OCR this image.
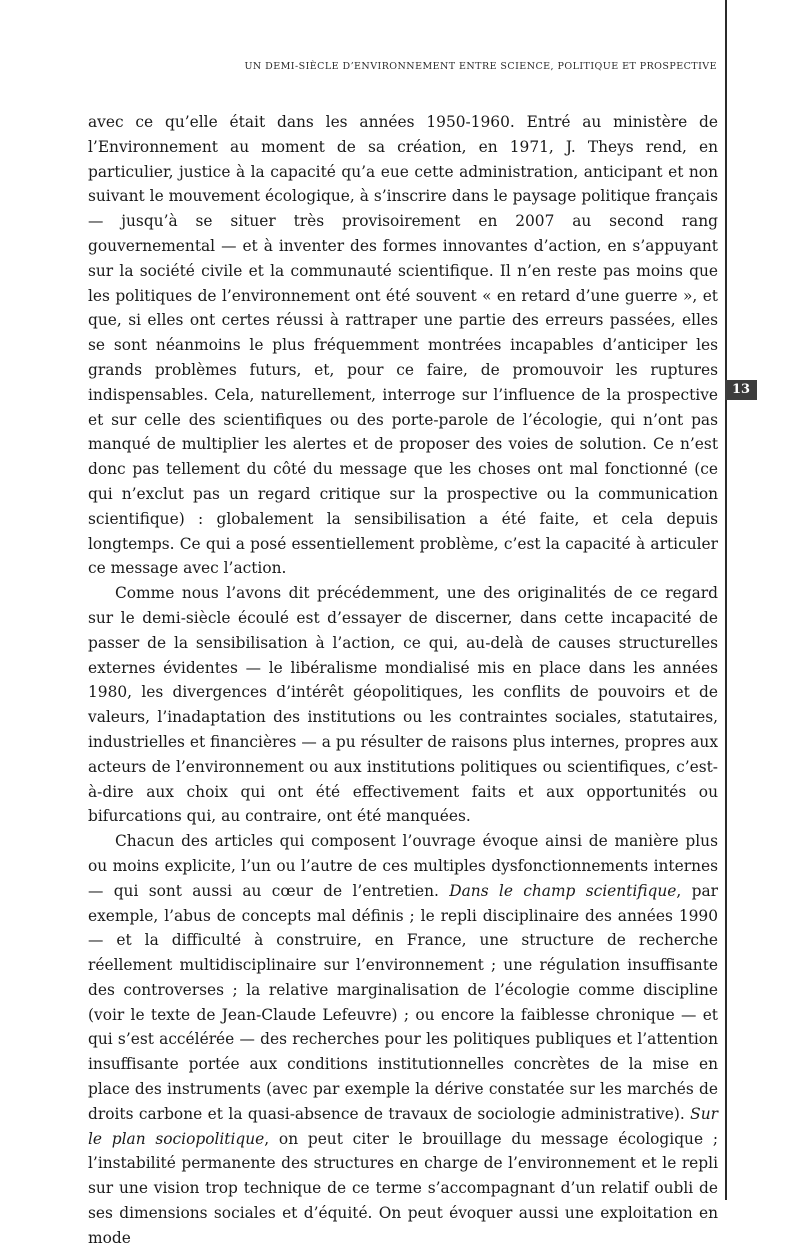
13
UN DEMI-SIÈCLE D’ENVIRONNEMENT ENTRE SCIENCE, POLITIQUE ET PROSPECTIVE

avec ce qu’elle était dans les années 1950-1960. Entré au ministère de l’Environnement au moment de sa création, en 1971, J. Theys rend, en particulier, justice à la capacité qu’a eue cette administration, anticipant et non suivant le mouvement écologique, à s’inscrire dans le paysage politique français — jusqu’à se situer très provisoirement en 2007 au second rang gouvernemental — et à inventer des formes innovantes d’action, en s’appuyant sur la société civile et la communauté scientifique. Il n’en reste pas moins que les politiques de l’environnement ont été souvent « en retard d’une guerre », et que, si elles ont certes réussi à rattraper une partie des erreurs passées, elles se sont néanmoins le plus fréquemment montrées incapables d’anticiper les grands problèmes futurs, et, pour ce faire, de promouvoir les ruptures indispensables. Cela, naturellement, interroge sur l’influence de la prospective et sur celle des scientifiques ou des porte-parole de l’écologie, qui n’ont pas manqué de multiplier les alertes et de proposer des voies de solution. Ce n’est donc pas tellement du côté du message que les choses ont mal fonctionné (ce qui n’exclut pas un regard critique sur la prospective ou la communication scientifique) : globalement la sensibilisation a été faite, et cela depuis longtemps. Ce qui a posé essentiellement problème, c’est la capacité à articuler ce message avec l’action.

Comme nous l’avons dit précédemment, une des originalités de ce regard sur le demi-siècle écoulé est d’essayer de discerner, dans cette incapacité de passer de la sensibilisation à l’action, ce qui, au-delà de causes structurelles externes évidentes — le libéralisme mondialisé mis en place dans les années 1980, les divergences d’intérêt géopolitiques, les conflits de pouvoirs et de valeurs, l’inadaptation des institutions ou les contraintes sociales, statutaires, industrielles et financières — a pu résulter de raisons plus internes, propres aux acteurs de l’environnement ou aux institutions politiques ou scientifiques, c’est-à-dire aux choix qui ont été effectivement faits et aux opportunités ou bifurcations qui, au contraire, ont été manquées.

Chacun des articles qui composent l’ouvrage évoque ainsi de manière plus ou moins explicite, l’un ou l’autre de ces multiples dysfonctionnements internes — qui sont aussi au cœur de l’entretien. Dans le champ scientifique, par exemple, l’abus de concepts mal définis ; le repli disciplinaire des années 1990 — et la difficulté à construire, en France, une structure de recherche réellement multidisciplinaire sur l’environnement ; une régulation insuffisante des controverses ; la relative marginalisation de l’écologie comme discipline (voir le texte de Jean-Claude Lefeuvre) ; ou encore la faiblesse chronique — et qui s’est accélérée — des recherches pour les politiques publiques et l’attention insuffisante portée aux conditions institutionnelles concrètes de la mise en place des instruments (avec par exemple la dérive constatée sur les marchés de droits carbone et la quasi-absence de travaux de sociologie administrative). Sur le plan sociopolitique, on peut citer le brouillage du message écologique ; l’instabilité permanente des structures en charge de l’environnement et le repli sur une vision trop technique de ce terme s’accompagnant d’un relatif oubli de ses dimensions sociales et d’équité. On peut évoquer aussi une exploitation en mode
